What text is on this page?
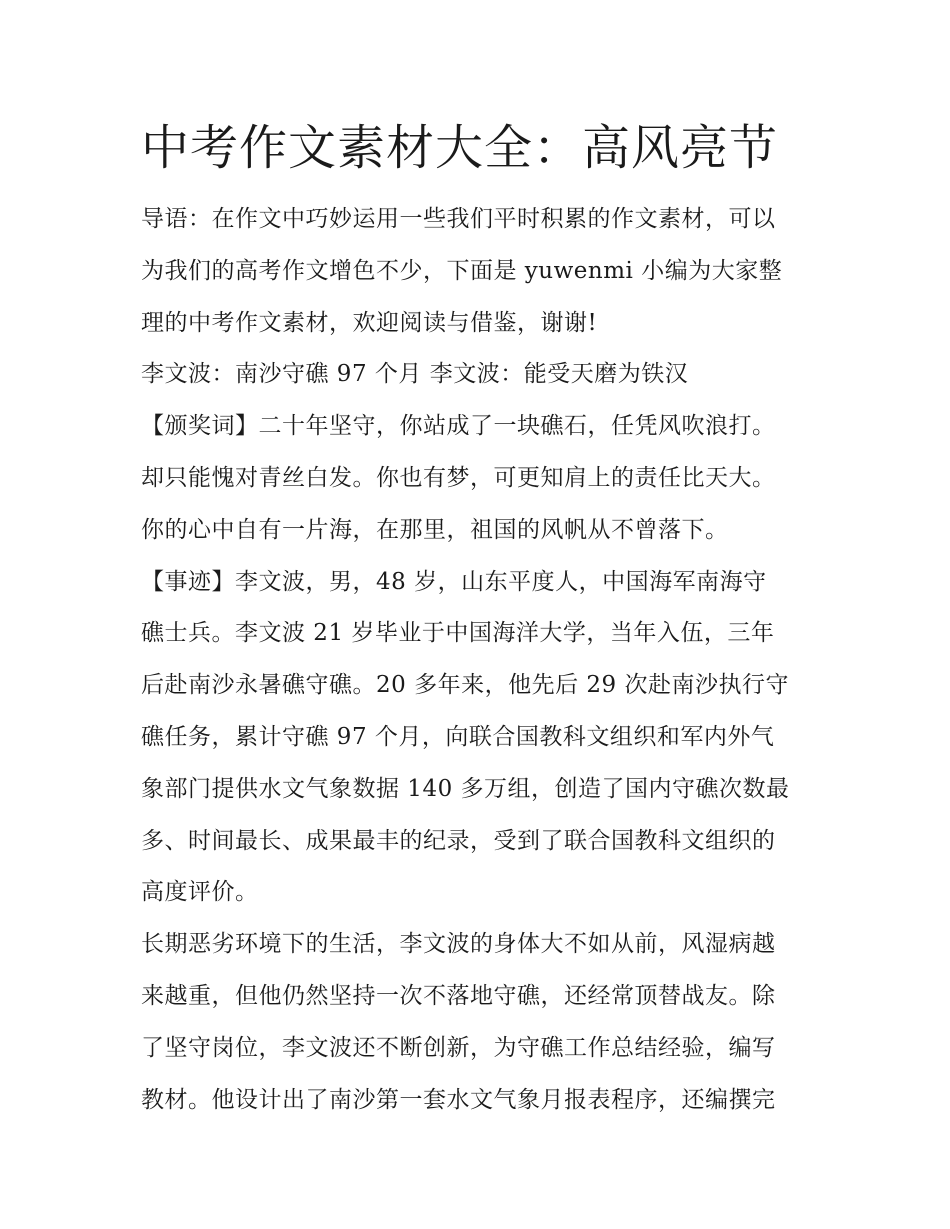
中考作文素材大全：高风亮节

导语：在作文中巧妙运用一些我们平时积累的作文素材，可以

为我们的高考作文增色不少，下面是 yuwenmi 小编为大家整

理的中考作文素材，欢迎阅读与借鉴，谢谢!

李文波：南沙守礁 97 个月 李文波：能受天磨为铁汉

【颁奖词】二十年坚守，你站成了一块礁石，任凭风吹浪打。

却只能愧对青丝白发。你也有梦，可更知肩上的责任比天大。

你的心中自有一片海，在那里，祖国的风帆从不曾落下。

【事迹】李文波，男，48 岁，山东平度人，中国海军南海守

礁士兵。李文波 21 岁毕业于中国海洋大学，当年入伍，三年

后赴南沙永暑礁守礁。20 多年来，他先后 29 次赴南沙执行守

礁任务，累计守礁 97 个月，向联合国教科文组织和军内外气

象部门提供水文气象数据 140 多万组，创造了国内守礁次数最

多、时间最长、成果最丰的纪录，受到了联合国教科文组织的

高度评价。

长期恶劣环境下的生活，李文波的身体大不如从前，风湿病越

来越重，但他仍然坚持一次不落地守礁，还经常顶替战友。除

了坚守岗位，李文波还不断创新，为守礁工作总结经验，编写

教材。他设计出了南沙第一套水文气象月报表程序，还编撰完
